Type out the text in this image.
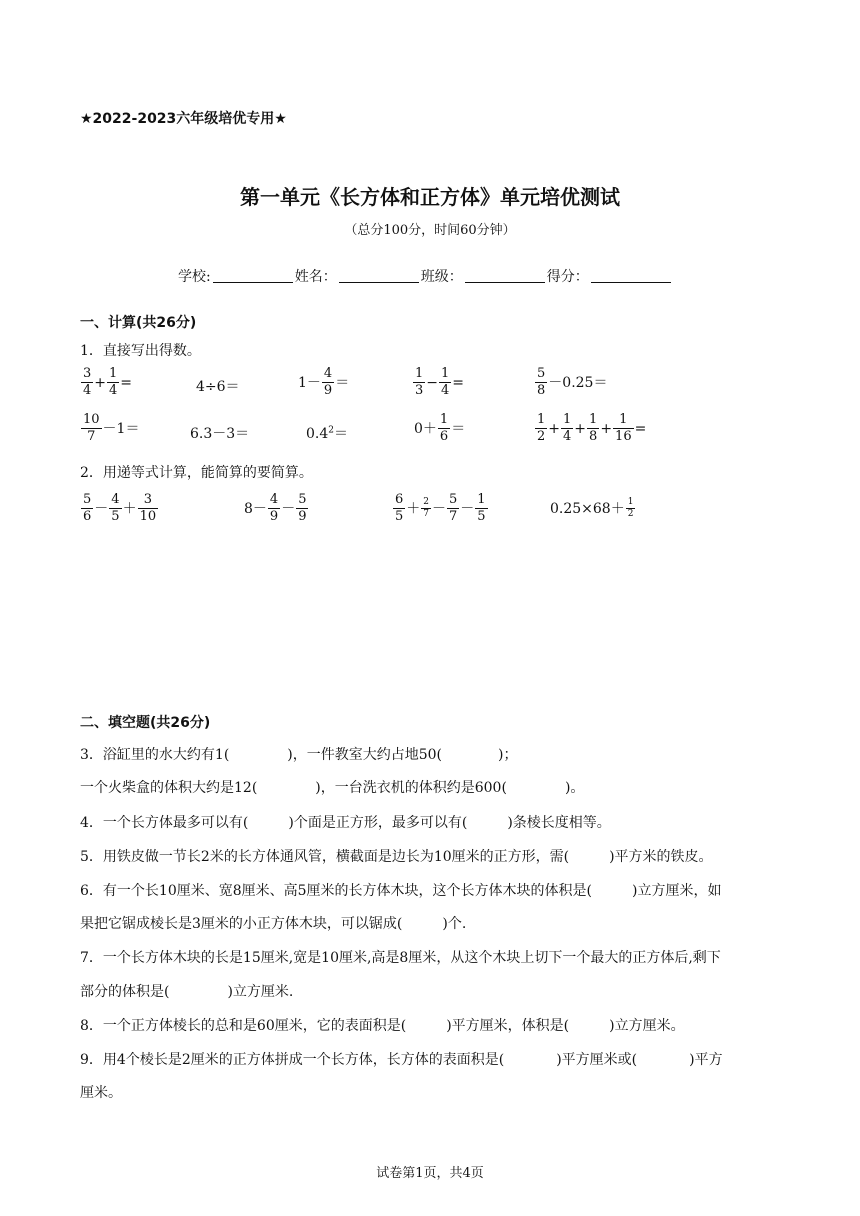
★2022-2023六年级培优专用★
第一单元《长方体和正方体》单元培优测试
（总分100分，时间60分钟）
学校:	姓名：	班级：	得分：
一、计算(共26分)
1．直接写出得数。
$\frac{3}{4} + \frac{1}{4}$ =	4÷6＝	$1- \frac{4}{9}$ ＝	$\frac{1}{3} - \frac{1}{4}$ =	$\frac{5}{8} -0.25=$
$\frac{10}{7} -1=$	6.3－3＝	$0.4^2=$	$0+ \frac{1}{6}$ ＝	$\frac{1}{2} + \frac{1}{4} + \frac{1}{8} + \frac{1}{16}$ =
2．用递等式计算，能简算的要简算。
$\frac{5}{6} - \frac{4}{5} + \frac{3}{10}$	$8- \frac{4}{9} - \frac{5}{9}$	$\frac{6}{5} + \frac{2}{7} - \frac{5}{7} - \frac{1}{5}$	$0.25\times 68+ \frac{1}{2}$
二、填空题(共26分)
3．浴缸里的水大约有1(	)，一件教室大约占地50(	)；
一个火柴盒的体积大约是12(	)，一台洗衣机的体积约是600(	)。
4．一个长方体最多可以有(	)个面是正方形，最多可以有(	)条棱长度相等。
5．用铁皮做一节长2米的长方体通风管，横截面是边长为10厘米的正方形，需(	)平方米的铁皮。
6．有一个长10厘米、宽8厘米、高5厘米的长方体木块，这个长方体木块的体积是(	)立方厘米，如
果把它锯成棱长是3厘米的小正方体木块，可以锯成(	)个.
7．一个长方体木块的长是15厘米,宽是10厘米,高是8厘米，从这个木块上切下一个最大的正方体后,剩下
部分的体积是(	)立方厘米.
8．一个正方体棱长的总和是60厘米，它的表面积是(	)平方厘米，体积是(	)立方厘米。
9．用4个棱长是2厘米的正方体拼成一个长方体，长方体的表面积是(	)平方厘米或(	)平方
厘米。
试卷第1页，共4页
